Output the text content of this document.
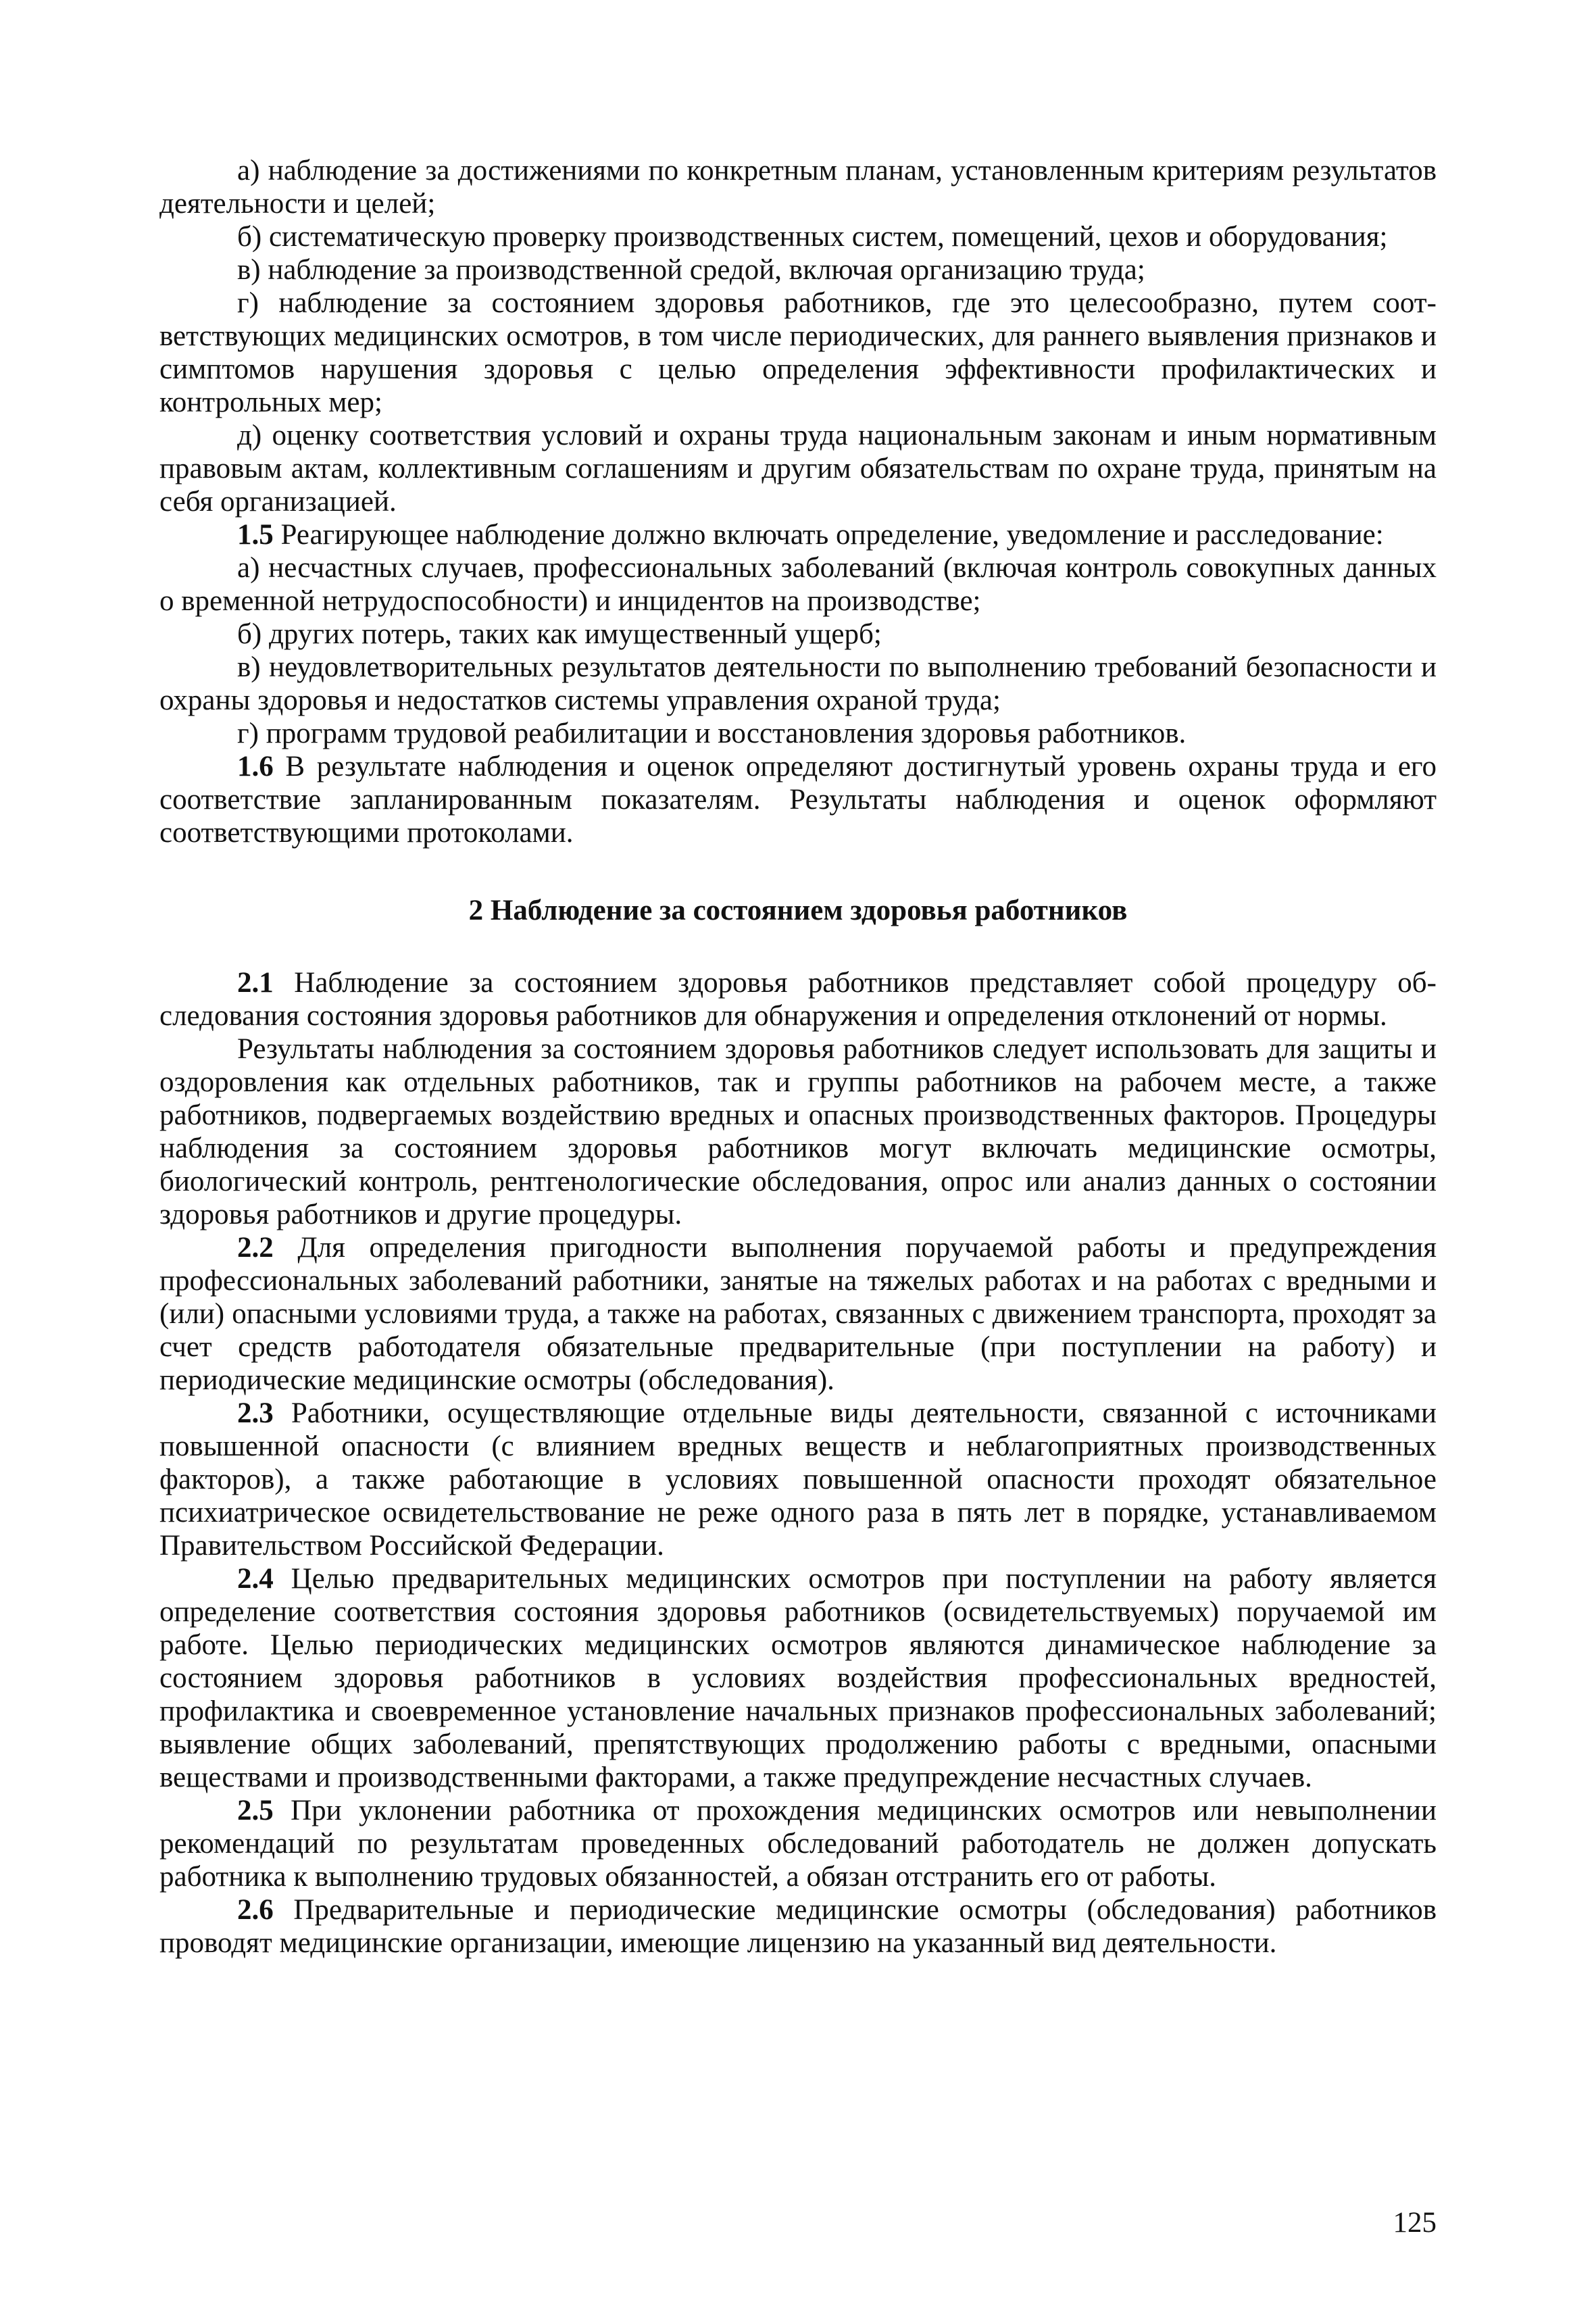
а) наблюдение за достижениями по конкретным планам, установленным критериям результатов деятельности и целей;

б) систематическую проверку производственных систем, помещений, цехов и оборудования;

в) наблюдение за производственной средой, включая организацию труда;

г) наблюдение за состоянием здоровья работников, где это целесообразно, путем соответствующих медицинских осмотров, в том числе периодических, для раннего выявления признаков и симптомов нарушения здоровья с целью определения эффективности профилактических и контрольных мер;

д) оценку соответствия условий и охраны труда национальным законам и иным нормативным правовым актам, коллективным соглашениям и другим обязательствам по охране труда, принятым на себя организацией.

1.5 Реагирующее наблюдение должно включать определение, уведомление и расследование:

а) несчастных случаев, профессиональных заболеваний (включая контроль совокупных данных о временной нетрудоспособности) и инцидентов на производстве;

б) других потерь, таких как имущественный ущерб;

в) неудовлетворительных результатов деятельности по выполнению требований безопасности и охраны здоровья и недостатков системы управления охраной труда;

г) программ трудовой реабилитации и восстановления здоровья работников.

1.6 В результате наблюдения и оценок определяют достигнутый уровень охраны труда и его соответствие запланированным показателям. Результаты наблюдения и оценок оформляют соответствующими протоколами.

2 Наблюдение за состоянием здоровья работников

2.1 Наблюдение за состоянием здоровья работников представляет собой процедуру обследования состояния здоровья работников для обнаружения и определения отклонений от нормы.

Результаты наблюдения за состоянием здоровья работников следует использовать для защиты и оздоровления как отдельных работников, так и группы работников на рабочем месте, а также работников, подвергаемых воздействию вредных и опасных производственных факторов. Процедуры наблюдения за состоянием здоровья работников могут включать медицинские осмотры, биологический контроль, рентгенологические обследования, опрос или анализ данных о состоянии здоровья работников и другие процедуры.

2.2 Для определения пригодности выполнения поручаемой работы и предупреждения профессиональных заболеваний работники, занятые на тяжелых работах и на работах с вредными и (или) опасными условиями труда, а также на работах, связанных с движением транспорта, проходят за счет средств работодателя обязательные предварительные (при поступлении на работу) и периодические медицинские осмотры (обследования).

2.3 Работники, осуществляющие отдельные виды деятельности, связанной с источниками повышенной опасности (с влиянием вредных веществ и неблагоприятных производственных факторов), а также работающие в условиях повышенной опасности проходят обязательное психиатрическое освидетельствование не реже одного раза в пять лет в порядке, устанавливаемом Правительством Российской Федерации.

2.4 Целью предварительных медицинских осмотров при поступлении на работу является определение соответствия состояния здоровья работников (освидетельствуемых) поручаемой им работе. Целью периодических медицинских осмотров являются динамическое наблюдение за состоянием здоровья работников в условиях воздействия профессиональных вредностей, профилактика и своевременное установление начальных признаков профессиональных заболеваний; выявление общих заболеваний, препятствующих продолжению работы с вредными, опасными веществами и производственными факторами, а также предупреждение несчастных случаев.

2.5 При уклонении работника от прохождения медицинских осмотров или невыполнении рекомендаций по результатам проведенных обследований работодатель не должен допускать работника к выполнению трудовых обязанностей, а обязан отстранить его от работы.

2.6 Предварительные и периодические медицинские осмотры (обследования) работников проводят медицинские организации, имеющие лицензию на указанный вид деятельности.

125
